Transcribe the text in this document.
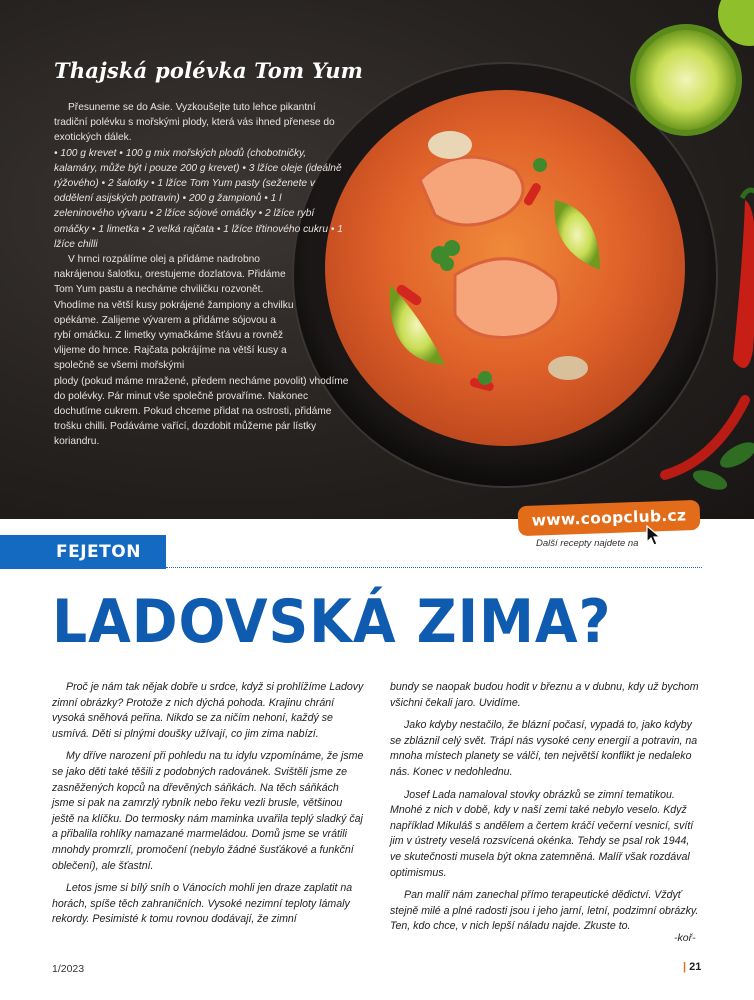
Thajská polévka Tom Yum

Přesuneme se do Asie. Vyzkoušejte tuto lehce pikantní tradiční polévku s mořskými plody, která vás ihned přenese do exotických dálek.

• 100 g krevet • 100 g mix mořských plodů (chobotničky, kalamáry, může být i pouze 200 g krevet) • 3 lžíce oleje (ideálně rýžového) • 2 šalotky • 1 lžíce Tom Yum pasty (seženete v oddělení asijských potravin) • 200 g žampionů • 1 l zeleninového vývaru • 2 lžíce sójové omáčky • 2 lžíce rybí omáčky • 1 limetka • 2 velká rajčata • 1 lžíce třtinového cukru • 1 lžíce chilli

V hrnci rozpálíme olej a přidáme nadrobno nakrájenou šalotku, orestujeme dozlatova. Přidáme Tom Yum pastu a necháme chviličku rozvonět. Vhodíme na větší kusy pokrájené žampiony a chvilku opékáme. Zalijeme vývarem a přidáme sójovou a rybí omáčku. Z limetky vymačkáme šťávu a rovněž vlijeme do hrnce. Rajčata pokrájíme na větší kusy a společně se všemi mořskými

plody (pokud máme mražené, předem necháme povolit) vhodíme do polévky. Pár minut vše společně provaříme. Nakonec dochutíme cukrem. Pokud chceme přidat na ostrosti, přidáme trošku chilli. Podáváme vařící, dozdobit můžeme pár lístky koriandru.

www.coopclub.cz
Další recepty najdete na
FEJETON
LADOVSKÁ ZIMA?

Proč je nám tak nějak dobře u srdce, když si prohlížíme Ladovy zimní obrázky? Protože z nich dýchá pohoda. Krajinu chrání vysoká sněhová peřina. Nikdo se za ničím nehoní, každý se usmívá. Děti si plnými doušky užívají, co jim zima nabízí.

My dříve narození při pohledu na tu idylu vzpomínáme, že jsme se jako děti také těšili z podobných radovánek. Svištěli jsme ze zasněžených kopců na dřevěných sáňkách. Na těch sáňkách jsme si pak na zamrzlý rybník nebo řeku vezli brusle, většinou ještě na klíčku. Do termosky nám maminka uvařila teplý sladký čaj a přibalila rohlíky namazané marmeládou. Domů jsme se vrátili mnohdy promrzlí, promočení (nebylo žádné šusťákové a funkční oblečení), ale šťastní.

Letos jsme si bílý sníh o Vánocích mohli jen draze zaplatit na horách, spíše těch zahraničních. Vysoké nezimní teploty lámaly rekordy. Pesimisté k tomu rovnou dodávají, že zimní

bundy se naopak budou hodit v březnu a v dubnu, kdy už bychom všichni čekali jaro. Uvidíme.

Jako kdyby nestačilo, že blázní počasí, vypadá to, jako kdyby se zbláznil celý svět. Trápí nás vysoké ceny energií a potravin, na mnoha místech planety se válčí, ten největší konflikt je nedaleko nás. Konec v nedohlednu.

Josef Lada namaloval stovky obrázků se zimní tematikou. Mnohé z nich v době, kdy v naší zemi také nebylo veselo. Když například Mikuláš s andělem a čertem kráčí večerní vesnicí, svítí jim v ústrety veselá rozsvícená okénka. Tehdy se psal rok 1944, ve skutečnosti musela být okna zatemněná. Malíř však rozdával optimismus.

Pan malíř nám zanechal přímo terapeutické dědictví. Vždyť stejně milé a plné radosti jsou i jeho jarní, letní, podzimní obrázky. Ten, kdo chce, v nich lepší náladu najde. Zkuste to.

-koř-
1/2023	| 21
